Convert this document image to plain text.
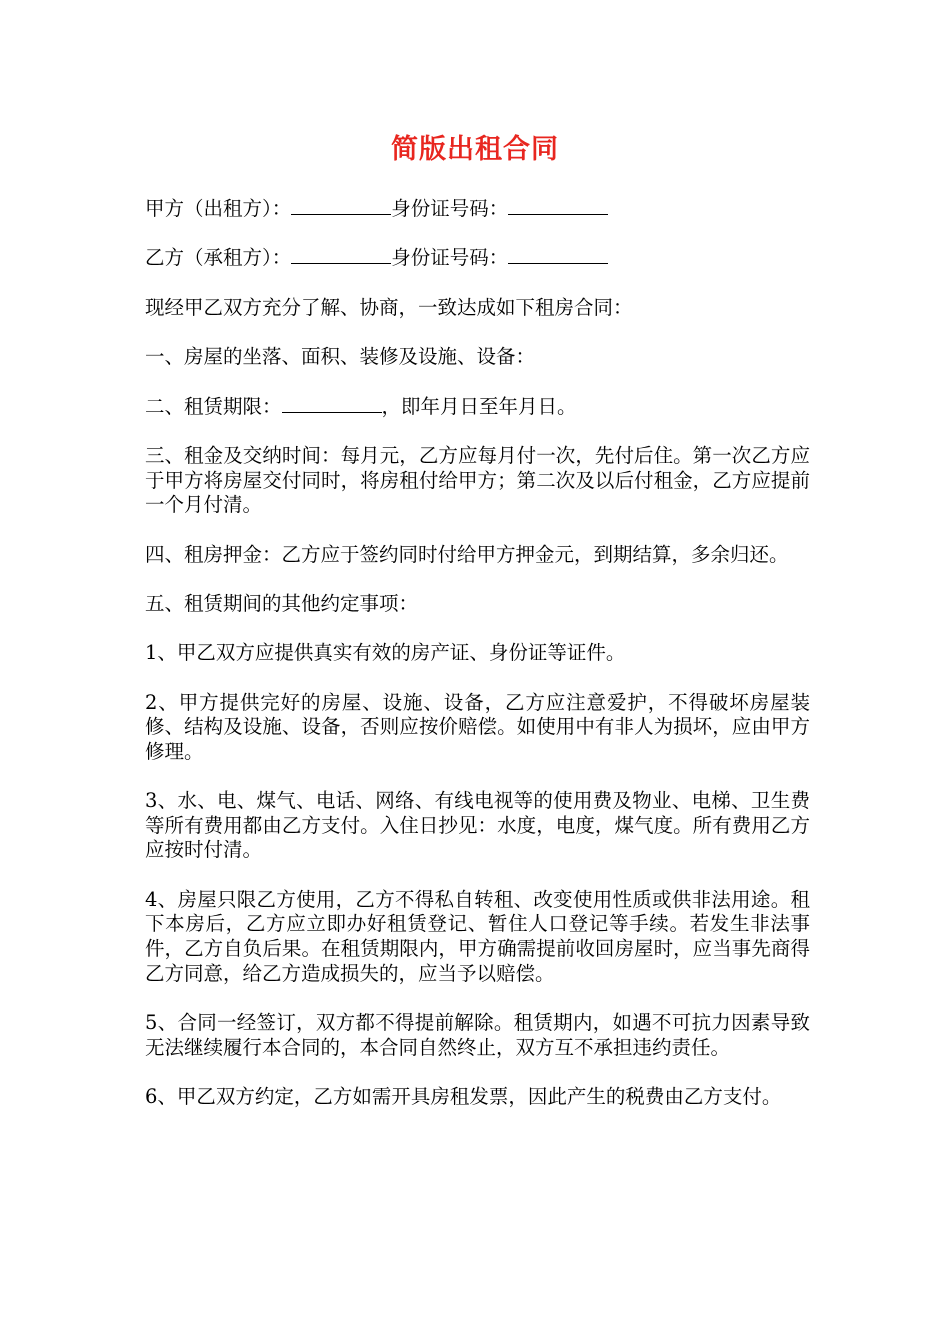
简版出租合同

甲方（出租方）：	身份证号码：

乙方（承租方）：	身份证号码：

现经甲乙双方充分了解、协商，一致达成如下租房合同：

一、房屋的坐落、面积、装修及设施、设备：

二、租赁期限：	，即年月日至年月日。

三、租金及交纳时间：每月元，乙方应每月付一次，先付后住。第一次乙方应于甲方将房屋交付同时，将房租付给甲方；第二次及以后付租金，乙方应提前一个月付清。

四、租房押金：乙方应于签约同时付给甲方押金元，到期结算，多余归还。

五、租赁期间的其他约定事项：

1、甲乙双方应提供真实有效的房产证、身份证等证件。

2、甲方提供完好的房屋、设施、设备，乙方应注意爱护，不得破坏房屋装修、结构及设施、设备，否则应按价赔偿。如使用中有非人为损坏，应由甲方修理。

3、水、电、煤气、电话、网络、有线电视等的使用费及物业、电梯、卫生费等所有费用都由乙方支付。入住日抄见：水度，电度，煤气度。所有费用乙方应按时付清。

4、房屋只限乙方使用，乙方不得私自转租、改变使用性质或供非法用途。租下本房后，乙方应立即办好租赁登记、暂住人口登记等手续。若发生非法事件，乙方自负后果。在租赁期限内，甲方确需提前收回房屋时，应当事先商得乙方同意，给乙方造成损失的，应当予以赔偿。

5、合同一经签订，双方都不得提前解除。租赁期内，如遇不可抗力因素导致无法继续履行本合同的，本合同自然终止，双方互不承担违约责任。

6、甲乙双方约定，乙方如需开具房租发票，因此产生的税费由乙方支付。
